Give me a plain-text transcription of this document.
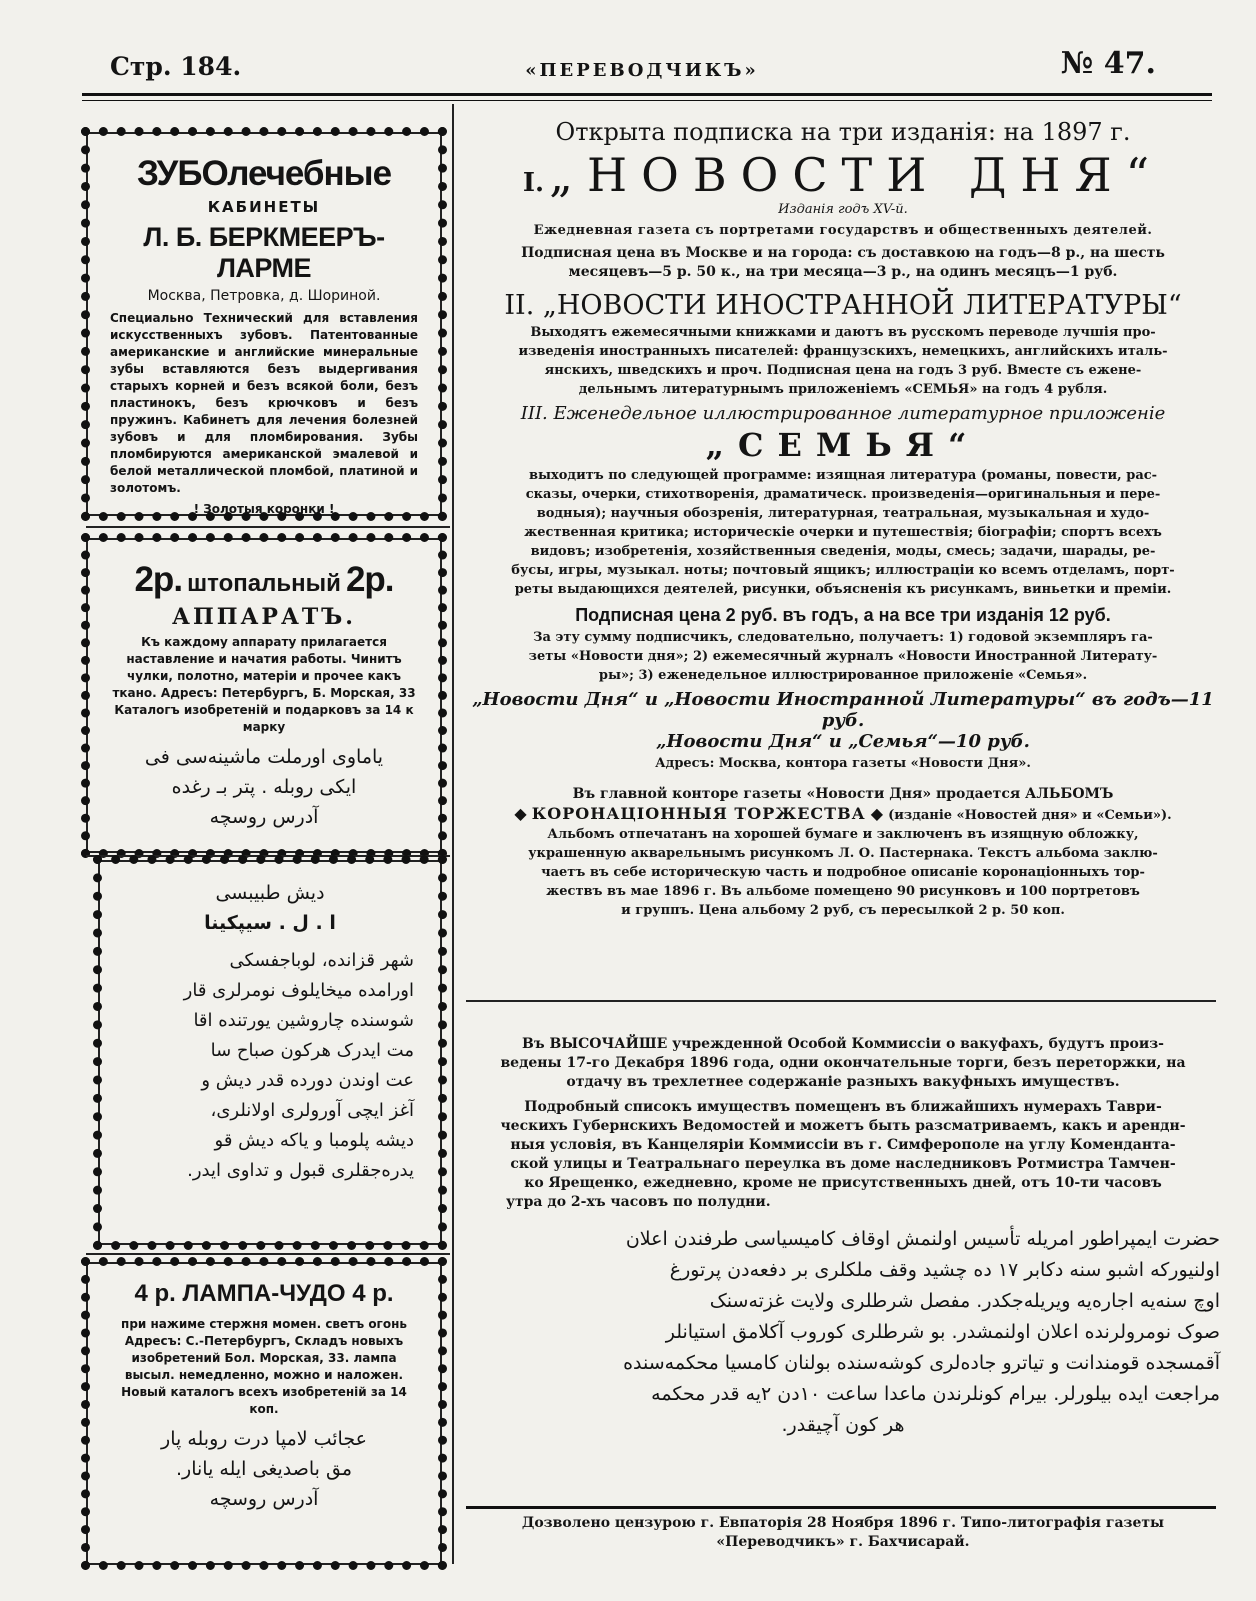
Стр. 184.	«ПЕРЕВОДЧИКЪ»	№ 47.
ЗУБОлечебные
КАБИНЕТЫ
Л. Б. БЕРКМЕЕРЪ-ЛАРМЕ
Москва, Петровка, д. Шориной.
Специально Технический для вставления искусственныхъ зубовъ. Патентованные американские и английские минеральные зубы вставляются безъ выдергивания старыхъ корней и безъ всякой боли, безъ пластинокъ, безъ крючковъ и безъ пружинъ. Кабинетъ для лечения болезней зубовъ и для пломбирования. Зубы пломбируются американской эмалевой и белой металлической пломбой, платиной и золотомъ.
! Золотыя коронки !
2р. штопальный 2р.
АППАРАТЪ.
Къ каждому аппарату прилагается наставление и начатия работы. Чинитъ чулки, полотно, матерiи и прочее какъ ткано. Адресъ: Петербургъ, Б. Морская, 33 Каталогъ изобретенiй и подарковъ за 14 к марку
یاماوی اورملت ماشینەسی فی
ایکی روبله . پتر بـ رغده
آدرس روسچه
دیش طبیبسی
ا . ل . سیپکینا
شهر قزانده، لوباجفسکی
اورامده میخایلوف نومرلری قار
شوسنده چاروشین یورتنده اقا
مت ایدرک هرکون صباح سا
عت اوندن دورده قدر دیش و
آغز ایچی آورولری اولانلری،
دیشه پلومبا و یاکه دیش قو
یدره‌جقلری قبول و تداوی ایدر.
4 р. ЛАМПА-ЧУДО 4 р.
при нажиме стержня момен. светъ огонь Адресъ: С.-Петербургъ, Складъ новыхъ изобретений Бол. Морская, 33. лампа высыл. немедленно, можно и наложен. Новый каталогъ всехъ изобретенiй за 14 коп.
عجائب لامپا درت روبله پار
مق باصدیغی ایله یانار.
آدرس روسچه
Открыта подписка на три изданiя: на 1897 г.
I. „НОВОСТИ ДНЯ“
Изданiя годъ XV-й.
Ежедневная газета съ портретами государствъ и общественныхъ деятелей.
Подписная цена въ Москве и на города: съ доставкою на годъ—8 р., на шесть
месяцевъ—5 р. 50 к., на три месяца—3 р., на одинъ месяцъ—1 руб.
II. „НОВОСТИ ИНОСТРАННОЙ ЛИТЕРАТУРЫ“
Выходятъ ежемесячными книжками и даютъ въ русскомъ переводе лучшiя про-
изведенiя иностранныхъ писателей: французскихъ, немецкихъ, английскихъ италь-
янскихъ, шведскихъ и проч. Подписная цена на годъ 3 руб. Вместе съ еженe-
дельнымъ литературнымъ приложенiемъ «СЕМЬЯ» на годъ 4 рубля.
III. Еженедельное иллюстрированное литературное приложенiе
„СЕМЬЯ“
выходитъ по следующей программе: изящная литература (романы, повести, рас-
сказы, очерки, стихотворенiя, драматическ. произведенiя—оригинальныя и пере-
водныя); научныя обозренiя, литературная, театральная, музыкальная и худо-
жественная критика; историческiе очерки и путешествiя; бiографiи; спортъ всехъ
видовъ; изобретенiя, хозяйственныя сведенiя, моды, смесь; задачи, шарады, ре-
бусы, игры, музыкал. ноты; почтовый ящикъ; иллюстрацiи ко всемъ отделамъ, порт-
реты выдающихся деятелей, рисунки, объясненiя къ рисункамъ, виньетки и премiи.
Подписная цена 2 руб. въ годъ, а на все три изданiя 12 руб.
За эту сумму подписчикъ, следовательно, получаетъ: 1) годовой экземпляръ га-
зеты «Новости дня»; 2) ежемесячный журналъ «Новости Иностранной Литерату-
ры»; 3) еженедельное иллюстрированное приложенiе «Семья».
„Новости Дня“ и „Новости Иностранной Литературы“ въ годъ—11 руб.
„Новости Дня“ и „Семья“—10 руб.
Адресъ: Москва, контора газеты «Новости Дня».
Въ главной конторе газеты «Новости Дня» продается АЛЬБОМЪ
◆ КОРОНАЦIОННЫЯ ТОРЖЕСТВА ◆ (изданiе «Новостей дня» и «Семьи»).
Альбомъ отпечатанъ на хорошей бумаге и заключенъ въ изящную обложку,
украшенную акварельнымъ рисункомъ Л. О. Пастернака. Текстъ альбома заклю-
чаетъ въ себе историческую часть и подробное описанiе коронацiонныхъ тор-
жествъ въ мае 1896 г. Въ альбоме помещено 90 рисунковъ и 100 портретовъ
и группъ. Цена альбому 2 руб, съ пересылкой 2 р. 50 коп.
Въ ВЫСОЧАЙШЕ учрежденной Особой Коммиссiи о вакуфахъ, будутъ произ-
ведены 17-го Декабря 1896 года, одни окончательные торги, безъ переторжки, на
отдачу въ трехлетнее содержанiе разныхъ вакуфныхъ имуществъ.
Подробный списокъ имуществъ помещенъ въ ближайшихъ нумерахъ Таври-
ческихъ Губернскихъ Ведомостей и можетъ быть разсматриваемъ, какъ и арендн-
ныя условiя, въ Канцелярiи Коммиссiи въ г. Симферополе на углу Коменданта-
ской улицы и Театральнаго переулка въ доме наследниковъ Ротмистра Тамчен-
ко Ярещенко, ежедневно, кроме не присутственныхъ дней, отъ 10-ти часовъ
утра до 2-хъ часовъ по полудни.
حضرت ایمپراطور امریله تأسیس اولنمش اوقاف کامیسیاسی طرفندن اعلان
اولنیورکه اشبو سنه دکابر ۱۷ ده چشید وقف ملکلری بر دفعه‌دن پرتورغ
اوچ سنه‌یه اجاره‌یه ویریله‌جکدر. مفصل شرطلری ولایت غزته‌سنک
صوک نومرولرنده اعلان اولنمشدر. بو شرطلری کوروب آکلامق استیانلر
آقمسجده قومندانت و تیاترو جاده‌لری کوشه‌سنده بولنان کامسیا محکمه‌سنده
مراجعت ایده بیلورلر. بیرام کونلرندن ماعدا ساعت ۱۰دن ۲یه قدر محکمه
هر کون آچیقدر.
Дозволено цензурою г. Евпаторiя 28 Ноября 1896 г. Типо-литографiя газеты
«Переводчикъ» г. Бахчисарай.
